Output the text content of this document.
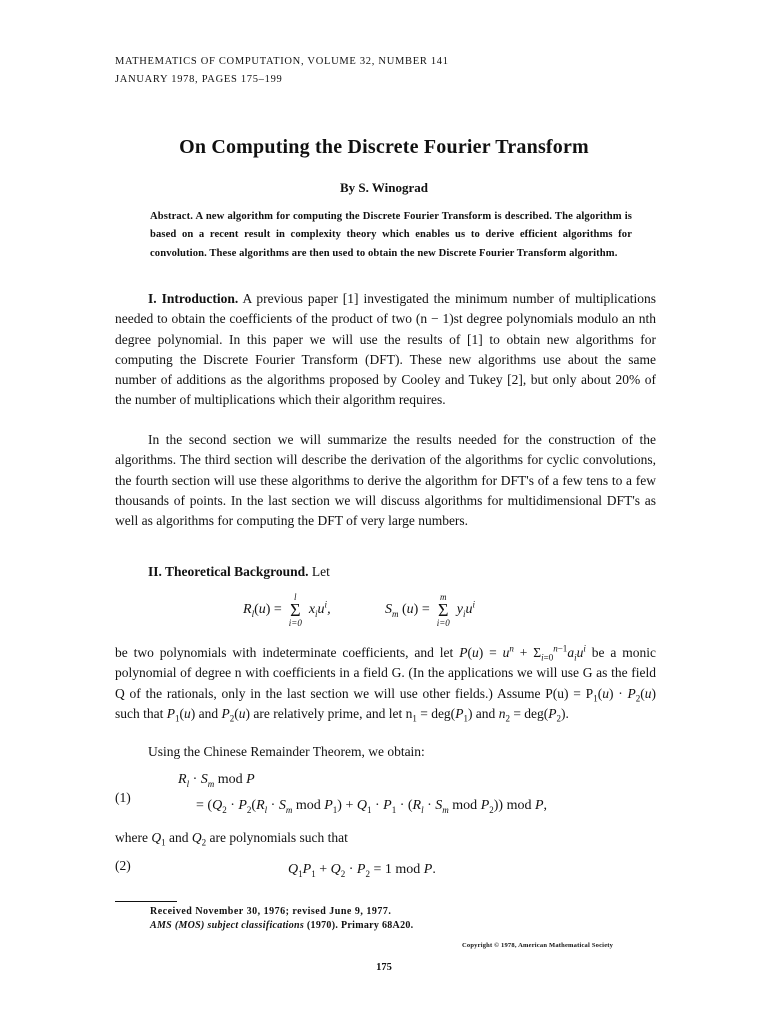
MATHEMATICS OF COMPUTATION, VOLUME 32, NUMBER 141
JANUARY 1978, PAGES 175–199
On Computing the Discrete Fourier Transform
By S. Winograd
Abstract. A new algorithm for computing the Discrete Fourier Transform is described. The algorithm is based on a recent result in complexity theory which enables us to derive efficient algorithms for convolution. These algorithms are then used to obtain the new Discrete Fourier Transform algorithm.
I. Introduction. A previous paper [1] investigated the minimum number of multiplications needed to obtain the coefficients of the product of two (n − 1)st degree polynomials modulo an nth degree polynomial. In this paper we will use the results of [1] to obtain new algorithms for computing the Discrete Fourier Transform (DFT). These new algorithms use about the same number of additions as the algorithms proposed by Cooley and Tukey [2], but only about 20% of the number of multiplications which their algorithm requires.
In the second section we will summarize the results needed for the construction of the algorithms. The third section will describe the derivation of the algorithms for cyclic convolutions, the fourth section will use these algorithms to derive the algorithm for DFT's of a few tens to a few thousands of points. In the last section we will discuss algorithms for multidimensional DFT's as well as algorithms for computing the DFT of very large numbers.
II. Theoretical Background. Let
$R_l(u)$ =
l
Σ
i=0
$x_iu^i$,	$S_m$ (u) =
m
Σ
i=0
$y_iu^i$
be two polynomials with indeterminate coefficients, and let $P(u) = u^n + \Sigma_{i=0}^{n-1}a_iu^i$ be a monic polynomial of degree n with coefficients in a field G. (In the applications we will use G as the field Q of the rationals, only in the last section we will use other fields.) Assume $P(u) = P_1(u) \cdot P_2(u)$ such that $P_1(u)$ and $P_2(u)$ are relatively prime, and let $n_1 = deg(P_1)$ and $n_2 = deg(P_2)$.
Using the Chinese Remainder Theorem, we obtain:
$R_l \cdot S_m$ mod P
(1)
= ($Q_2 \cdot P_2(R_l \cdot S_m$ mod $P_1) + Q_1 \cdot P_1 \cdot (R_l \cdot S_m$ mod $P_2$)) mod P,
where $Q_1$ and $Q_2$ are polynomials such that
(2)	$Q_1P_1 + Q_2 \cdot P_2 = 1$ mod P.
Received November 30, 1976; revised June 9, 1977.
AMS (MOS) subject classifications (1970). Primary 68A20.
Copyright © 1978, American Mathematical Society
175
